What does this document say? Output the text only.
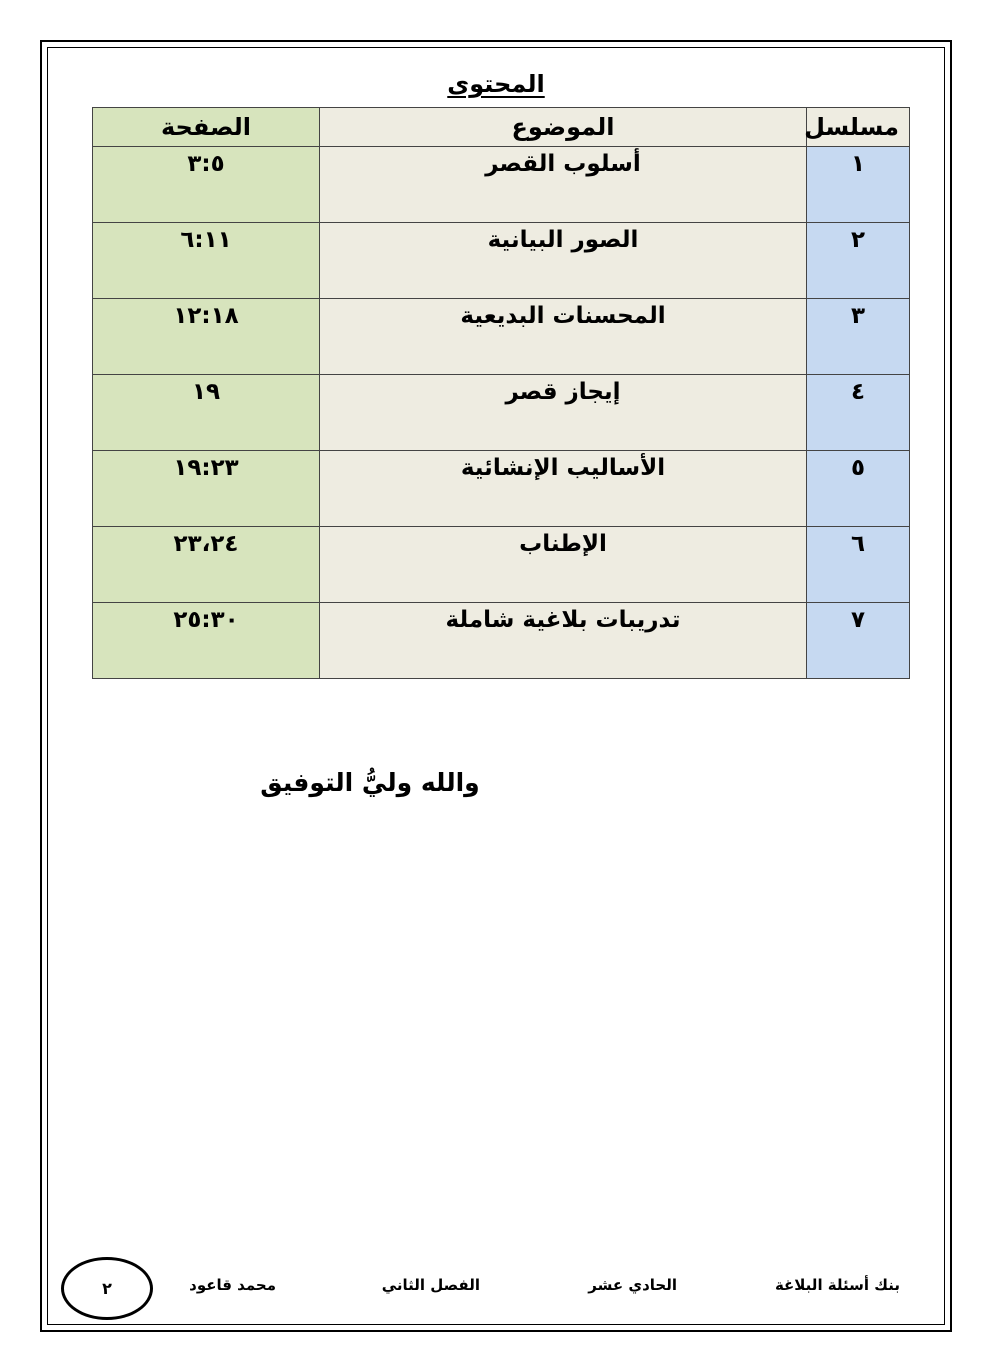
المحتوى
مسلسل	الموضوع	الصفحة
١	أسلوب القصر	٣:٥
٢	الصور البيانية	٦:١١
٣	المحسنات البديعية	١٢:١٨
٤	إيجاز قصر	١٩
٥	الأساليب الإنشائية	١٩:٢٣
٦	الإطناب	٢٣،٢٤
٧	تدريبات بلاغية شاملة	٢٥:٣٠
والله وليُّ التوفيق
بنك أسئلة البلاغة
الحادي عشر
الفصل الثاني
محمد قاعود
٢
